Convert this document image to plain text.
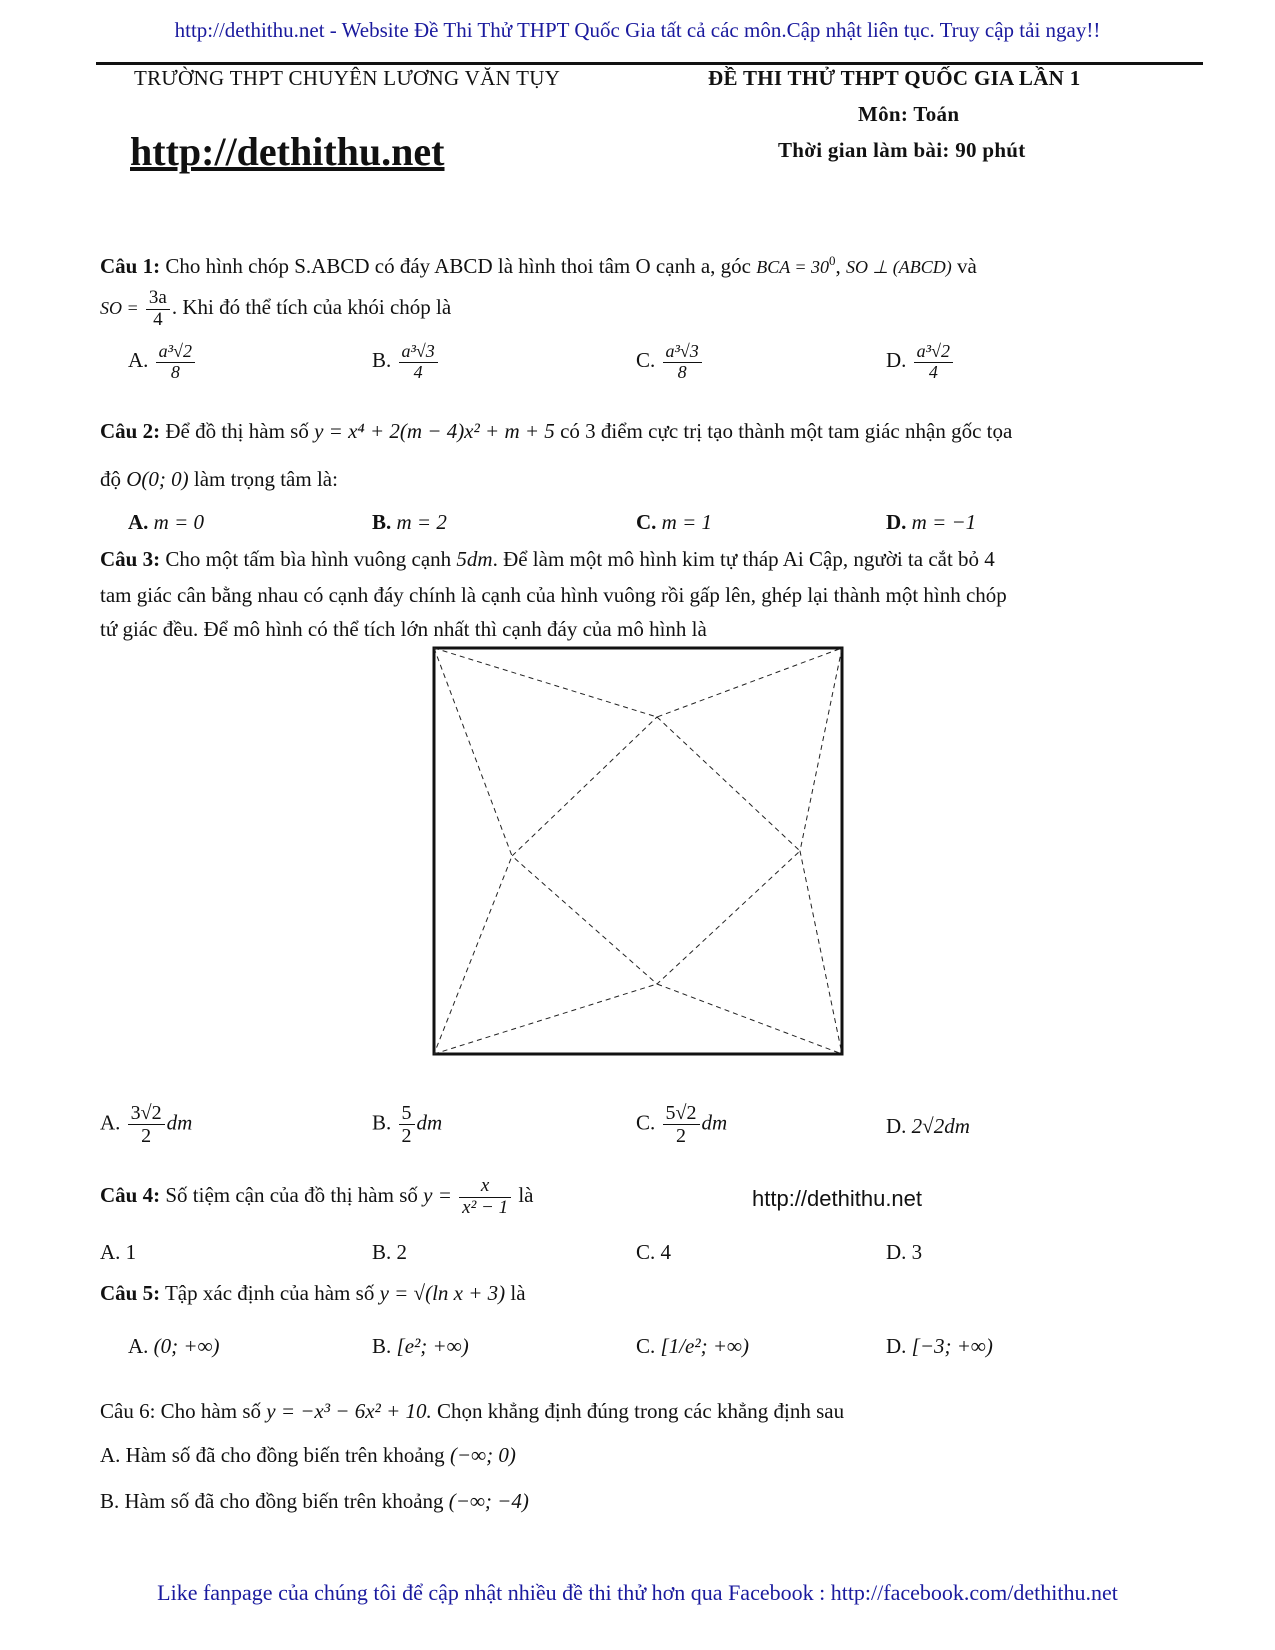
http://dethithu.net - Website Đề Thi Thử THPT Quốc Gia tất cả các môn.Cập nhật liên tục. Truy cập tải ngay!!
TRƯỜNG THPT CHUYÊN LƯƠNG VĂN TỤY	ĐỀ THI THỬ THPT QUỐC GIA LẦN 1
Môn: Toán
Thời gian làm bài: 90 phút
http://dethithu.net
Câu 1: Cho hình chóp S.ABCD có đáy ABCD là hình thoi tâm O cạnh a, góc BCA = $30^0$, SO ⊥ (ABCD) và
SO = $\frac{3a}{4}$ . Khi đó thể tích của khói chóp là
A. $\frac{\text{a³√2}}{8}$	B. $\frac{\text{a³√3}}{4}$	C. $\frac{\text{a³√3}}{8}$	D. $\frac{\text{a³√2}}{4}$
Câu 2: Để đồ thị hàm số y = x⁴ + 2(m − 4)x² + m + 5 có 3 điểm cực trị tạo thành một tam giác nhận gốc tọa
độ O(0; 0) làm trọng tâm là:
A. m = 0	B. m = 2	C. m = 1	D. m = −1
Câu 3: Cho một tấm bìa hình vuông cạnh 5dm. Để làm một mô hình kim tự tháp Ai Cập, người ta cắt bỏ 4
tam giác cân bằng nhau có cạnh đáy chính là cạnh của hình vuông rồi gấp lên, ghép lại thành một hình chóp
tứ giác đều. Để mô hình có thể tích lớn nhất thì cạnh đáy của mô hình là
A. $\frac{3√2}{2}$ dm	B. $\frac{5}{2}$ dm	C. $\frac{5√2}{2}$ dm	D. 2√2dm
Câu 4: Số tiệm cận của đồ thị hàm số $y = \frac{x}{\text{x² − 1}}$ là	http://dethithu.net
A. 1	B. 2	C. 4	D. 3
Câu 5: Tập xác định của hàm số y = √(ln x + 3) là
A. (0; +∞)	B. [e²; +∞)	C. [1/e²; +∞)	D. [−3; +∞)
Câu 6: Cho hàm số y = −x³ − 6x² + 10. Chọn khẳng định đúng trong các khẳng định sau
A. Hàm số đã cho đồng biến trên khoảng (−∞; 0)
B. Hàm số đã cho đồng biến trên khoảng (−∞; −4)
Like fanpage của chúng tôi để cập nhật nhiều đề thi thử hơn qua Facebook : http://facebook.com/dethithu.net
